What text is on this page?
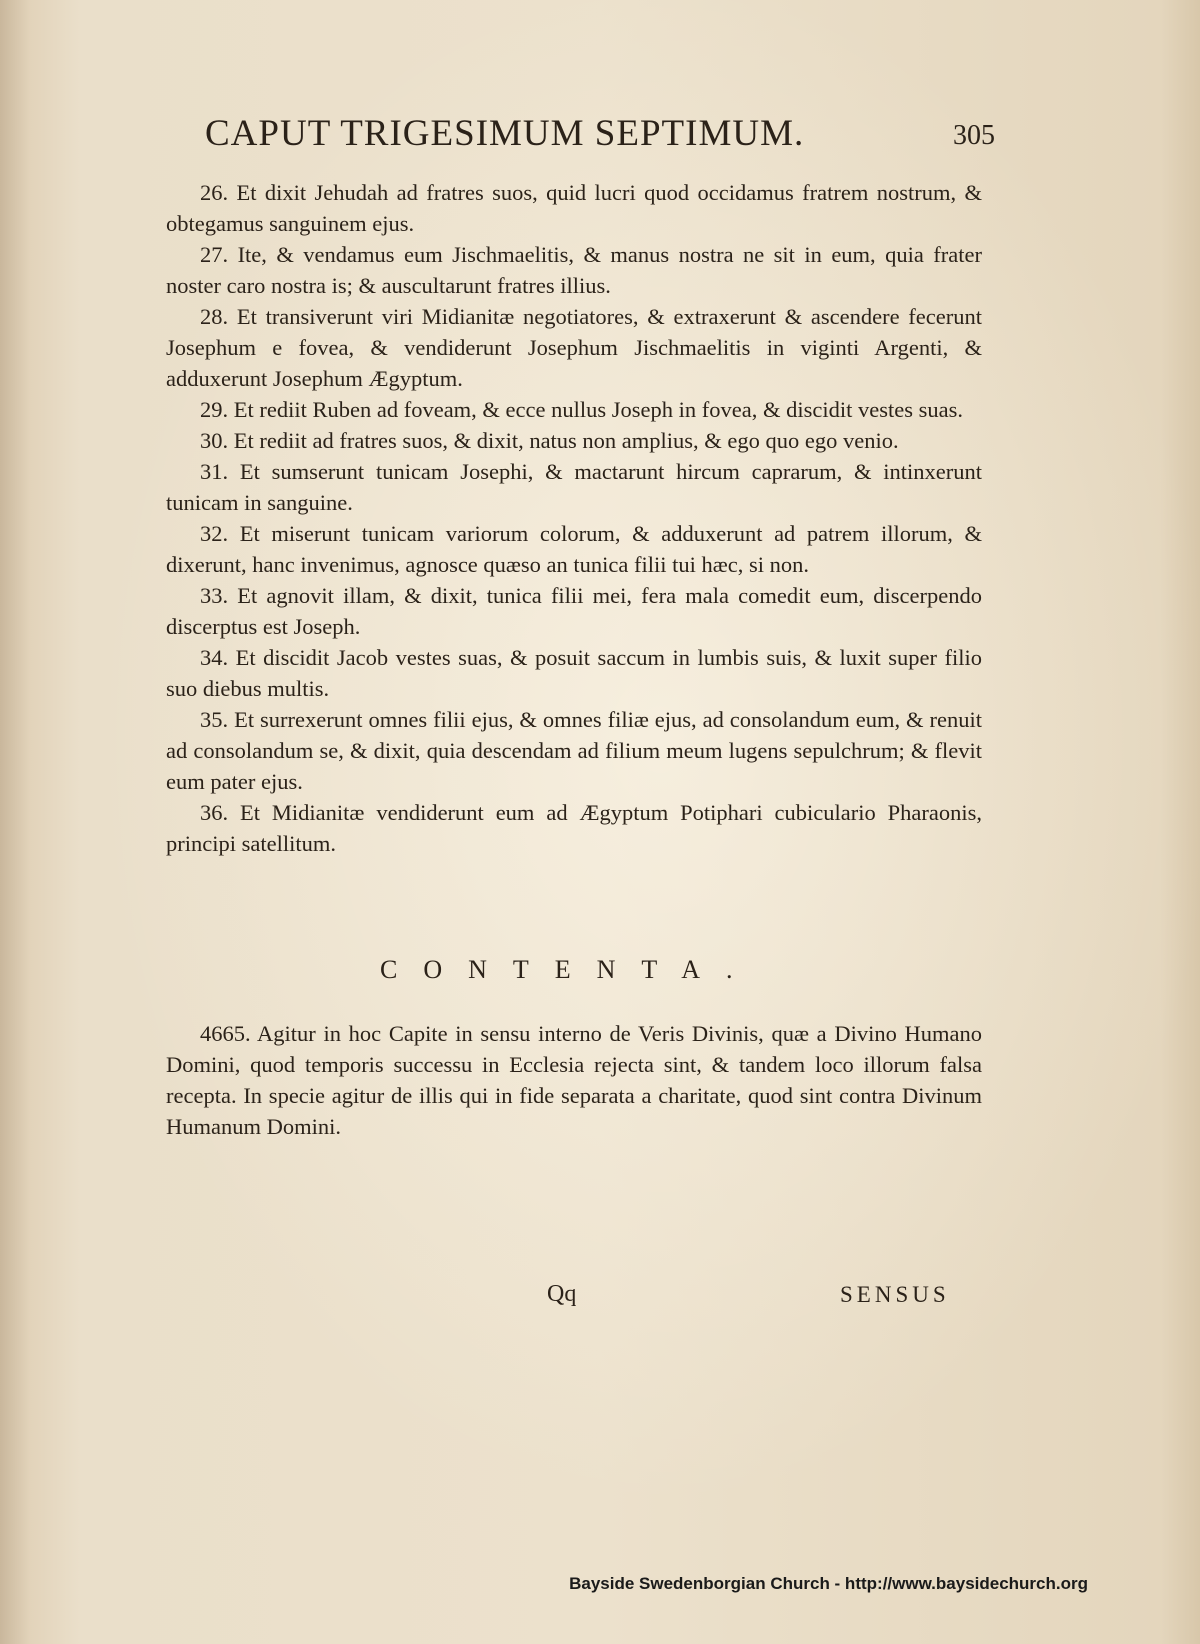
CAPUT TRIGESIMUM SEPTIMUM.	305

26. Et dixit Jehudah ad fratres suos, quid lucri quod occidamus fratrem nostrum, & obtegamus sanguinem ejus.

27. Ite, & vendamus eum Jischmaelitis, & manus nostra ne sit in eum, quia frater noster caro nostra is; & auscultarunt fratres illius.

28. Et transiverunt viri Midianitæ negotiatores, & extraxerunt & ascendere fecerunt Josephum e fovea, & vendiderunt Josephum Jischmaelitis in viginti Argenti, & adduxerunt Josephum Ægyptum.

29. Et rediit Ruben ad foveam, & ecce nullus Joseph in fovea, & discidit vestes suas.

30. Et rediit ad fratres suos, & dixit, natus non amplius, & ego quo ego venio.

31. Et sumserunt tunicam Josephi, & mactarunt hircum caprarum, & intinxerunt tunicam in sanguine.

32. Et miserunt tunicam variorum colorum, & adduxerunt ad patrem illorum, & dixerunt, hanc invenimus, agnosce quæso an tunica filii tui hæc, si non.

33. Et agnovit illam, & dixit, tunica filii mei, fera mala comedit eum, discerpendo discerptus est Joseph.

34. Et discidit Jacob vestes suas, & posuit saccum in lumbis suis, & luxit super filio suo diebus multis.

35. Et surrexerunt omnes filii ejus, & omnes filiæ ejus, ad consolandum eum, & renuit ad consolandum se, & dixit, quia descendam ad filium meum lugens sepulchrum; & flevit eum pater ejus.

36. Et Midianitæ vendiderunt eum ad Ægyptum Potiphari cubiculario Pharaonis, principi satellitum.

CONTENTA.

4665. Agitur in hoc Capite in sensu interno de Veris Divinis, quæ a Divino Humano Domini, quod temporis successu in Ecclesia rejecta sint, & tandem loco illorum falsa recepta. In specie agitur de illis qui in fide separata a charitate, quod sint contra Divinum Humanum Domini.

Qq	SENSUS
Bayside Swedenborgian Church - http://www.baysidechurch.org
